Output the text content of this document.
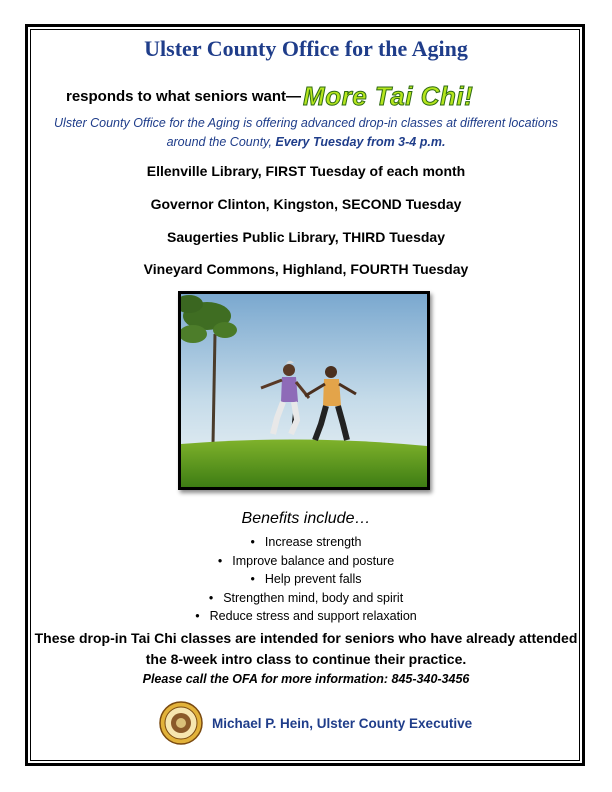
Ulster County Office for the Aging
responds to what seniors want— More Tai Chi!
Ulster County Office for the Aging is offering advanced drop-in classes at different locations around the County, Every Tuesday from 3-4 p.m.
Ellenville Library, FIRST Tuesday of each month
Governor Clinton, Kingston, SECOND Tuesday
Saugerties Public Library, THIRD Tuesday
Vineyard Commons, Highland, FOURTH Tuesday
Benefits include…
• Increase strength
• Improve balance and posture
• Help prevent falls
• Strengthen mind, body and spirit
• Reduce stress and support relaxation
These drop-in Tai Chi classes are intended for seniors who have already attended the 8-week intro class to continue their practice.
Please call the OFA for more information: 845-340-3456
Michael P. Hein, Ulster County Executive
